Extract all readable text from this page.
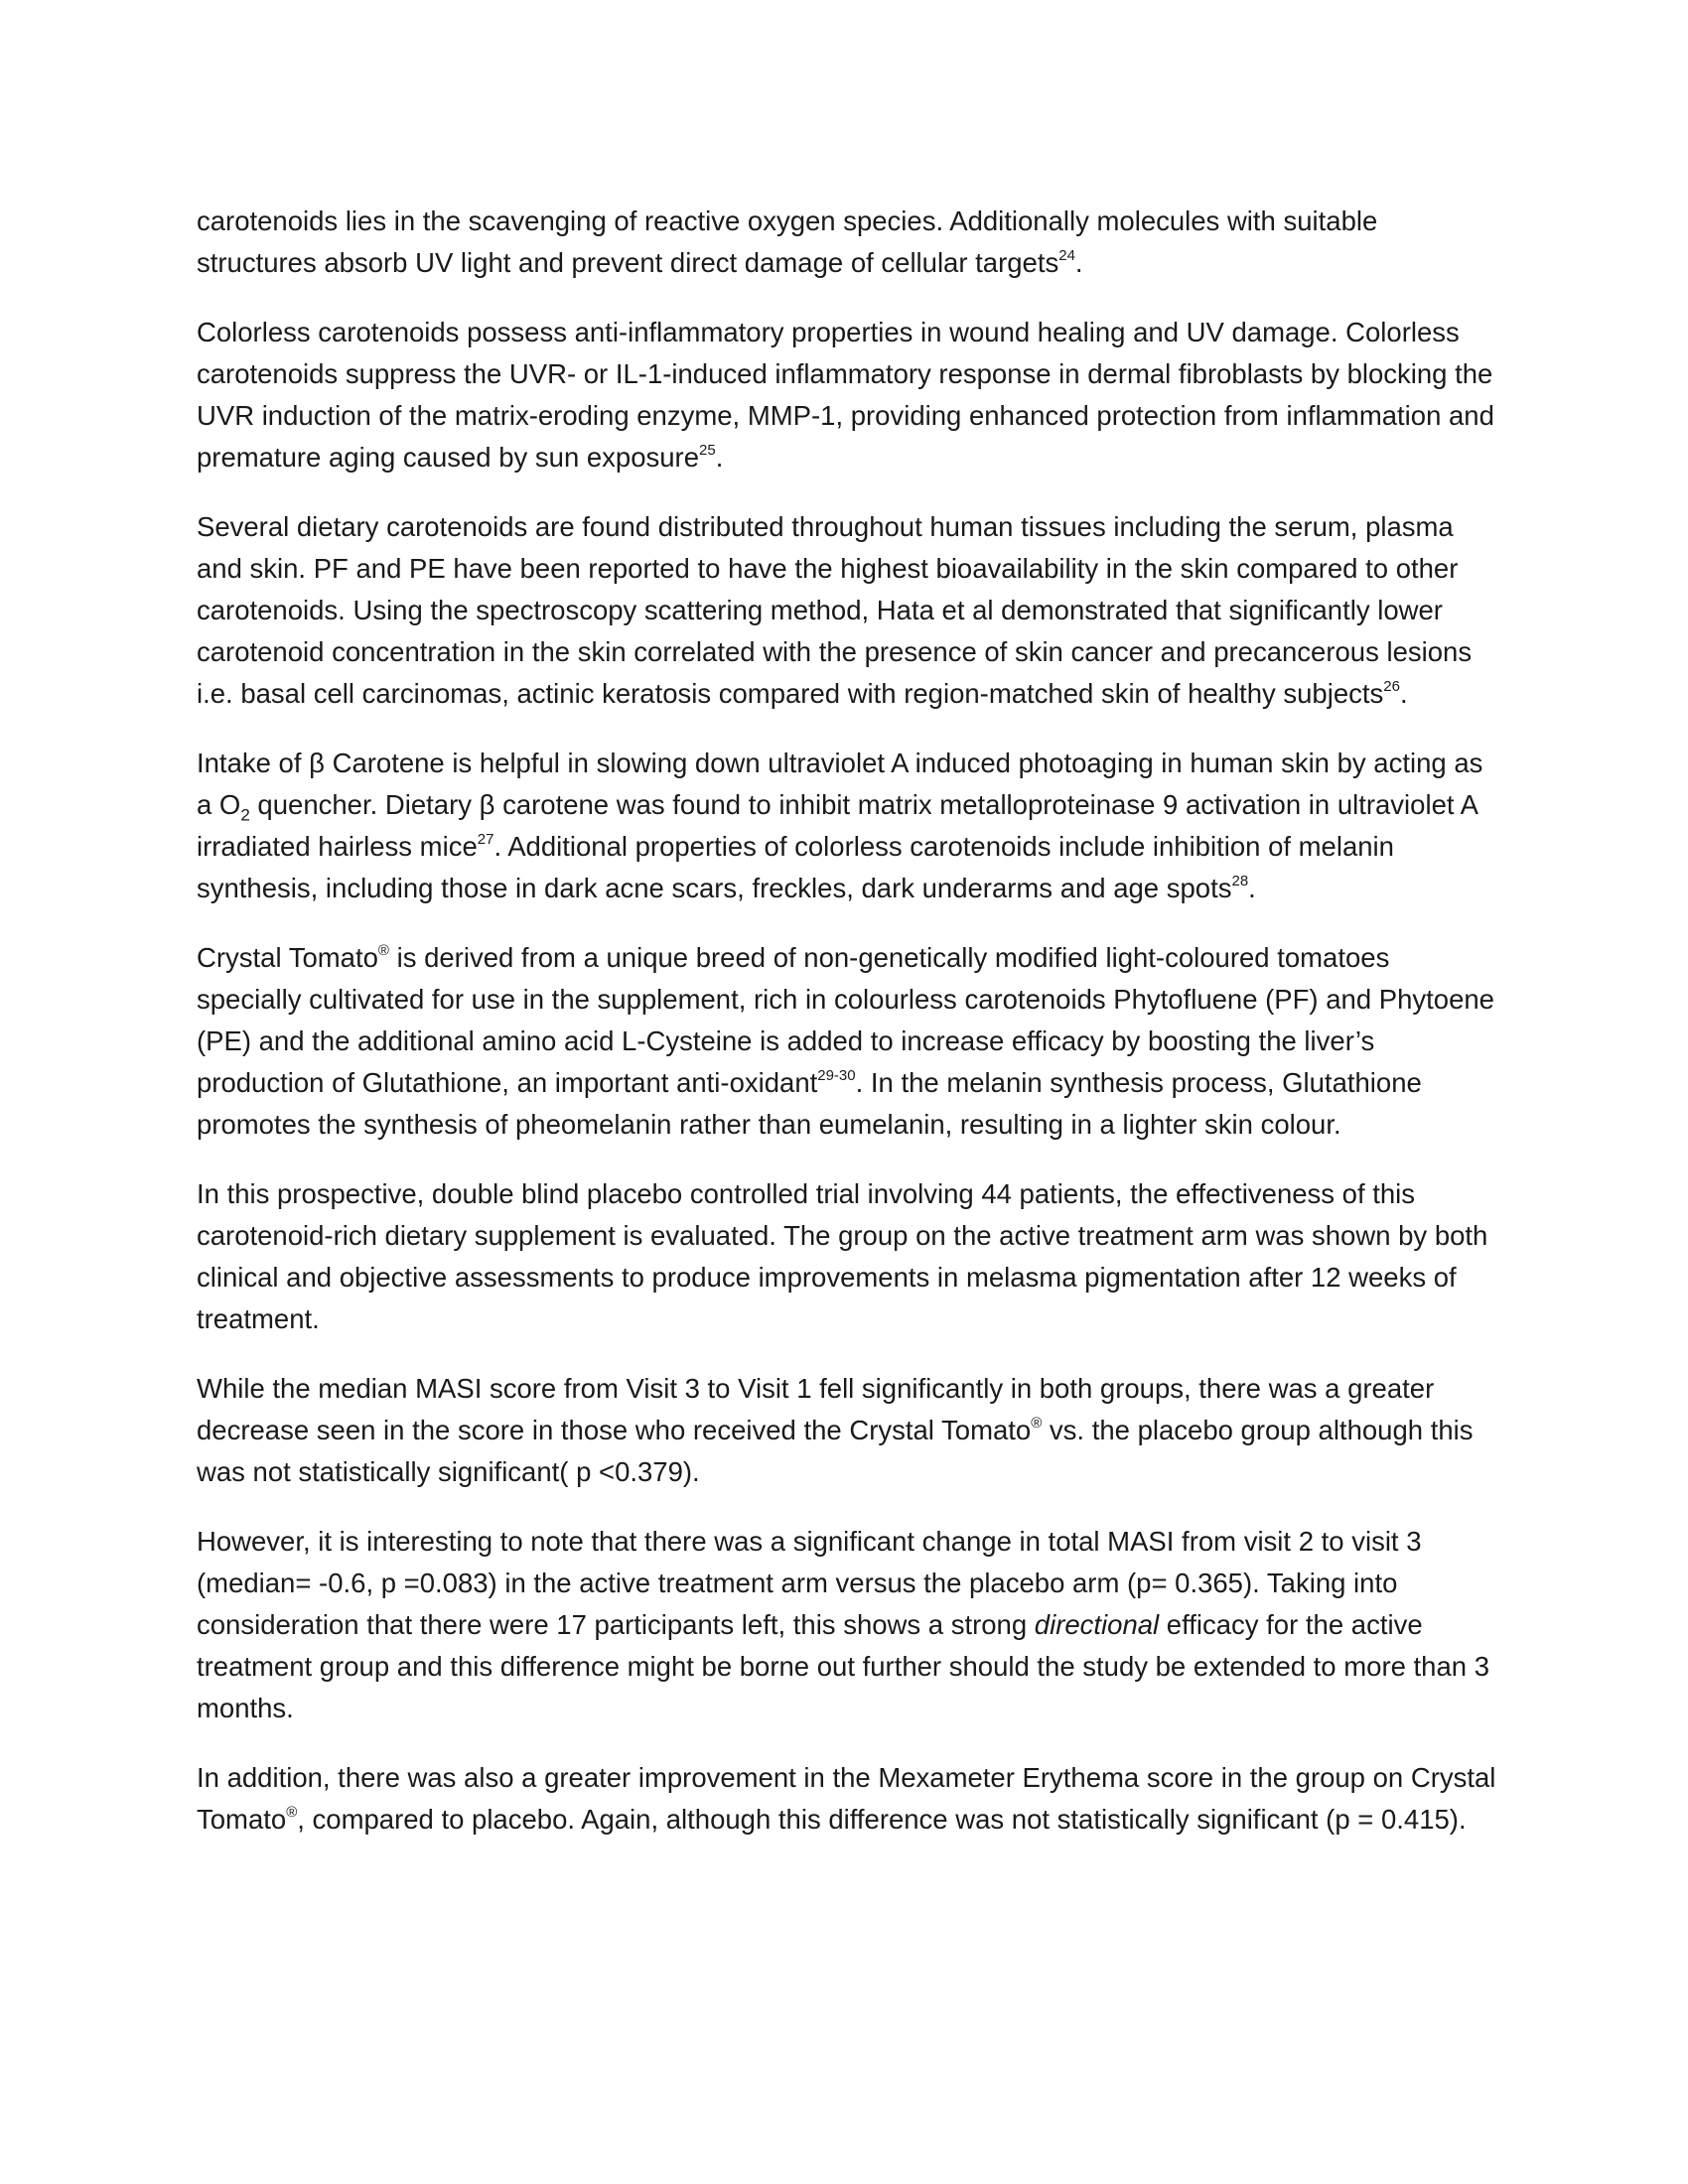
carotenoids lies in the scavenging of reactive oxygen species. Additionally molecules with suitable structures absorb UV light and prevent direct damage of cellular targets$^{24}$.

Colorless carotenoids possess anti-inflammatory properties in wound healing and UV damage. Colorless carotenoids suppress the UVR- or IL-1-induced inflammatory response in dermal fibroblasts by blocking the UVR induction of the matrix-eroding enzyme, MMP-1, providing enhanced protection from inflammation and premature aging caused by sun exposure$^{25}$.

Several dietary carotenoids are found distributed throughout human tissues including the serum, plasma and skin. PF and PE have been reported to have the highest bioavailability in the skin compared to other carotenoids. Using the spectroscopy scattering method, Hata et al demonstrated that significantly lower carotenoid concentration in the skin correlated with the presence of skin cancer and precancerous lesions i.e. basal cell carcinomas, actinic keratosis compared with region-matched skin of healthy subjects$^{26}$.

Intake of β Carotene is helpful in slowing down ultraviolet A induced photoaging in human skin by acting as a $O_2$ quencher. Dietary β carotene was found to inhibit matrix metalloproteinase 9 activation in ultraviolet A irradiated hairless mice$^{27}$. Additional properties of colorless carotenoids include inhibition of melanin synthesis, including those in dark acne scars, freckles, dark underarms and age spots$^{28}$.

Crystal Tomato® is derived from a unique breed of non-genetically modified light-coloured tomatoes specially cultivated for use in the supplement, rich in colourless carotenoids Phytofluene (PF) and Phytoene (PE) and the additional amino acid L-Cysteine is added to increase efficacy by boosting the liver’s production of Glutathione, an important anti-oxidant$^{29-30}$. In the melanin synthesis process, Glutathione promotes the synthesis of pheomelanin rather than eumelanin, resulting in a lighter skin colour.

In this prospective, double blind placebo controlled trial involving 44 patients, the effectiveness of this carotenoid-rich dietary supplement is evaluated. The group on the active treatment arm was shown by both clinical and objective assessments to produce improvements in melasma pigmentation after 12 weeks of treatment.

While the median MASI score from Visit 3 to Visit 1 fell significantly in both groups, there was a greater decrease seen in the score in those who received the Crystal Tomato® vs. the placebo group although this was not statistically significant( p <0.379).

However, it is interesting to note that there was a significant change in total MASI from visit 2 to visit 3 (median= -0.6, p =0.083) in the active treatment arm versus the placebo arm (p= 0.365). Taking into consideration that there were 17 participants left, this shows a strong directional efficacy for the active treatment group and this difference might be borne out further should the study be extended to more than 3 months.

In addition, there was also a greater improvement in the Mexameter Erythema score in the group on Crystal Tomato®, compared to placebo. Again, although this difference was not statistically significant (p = 0.415).
